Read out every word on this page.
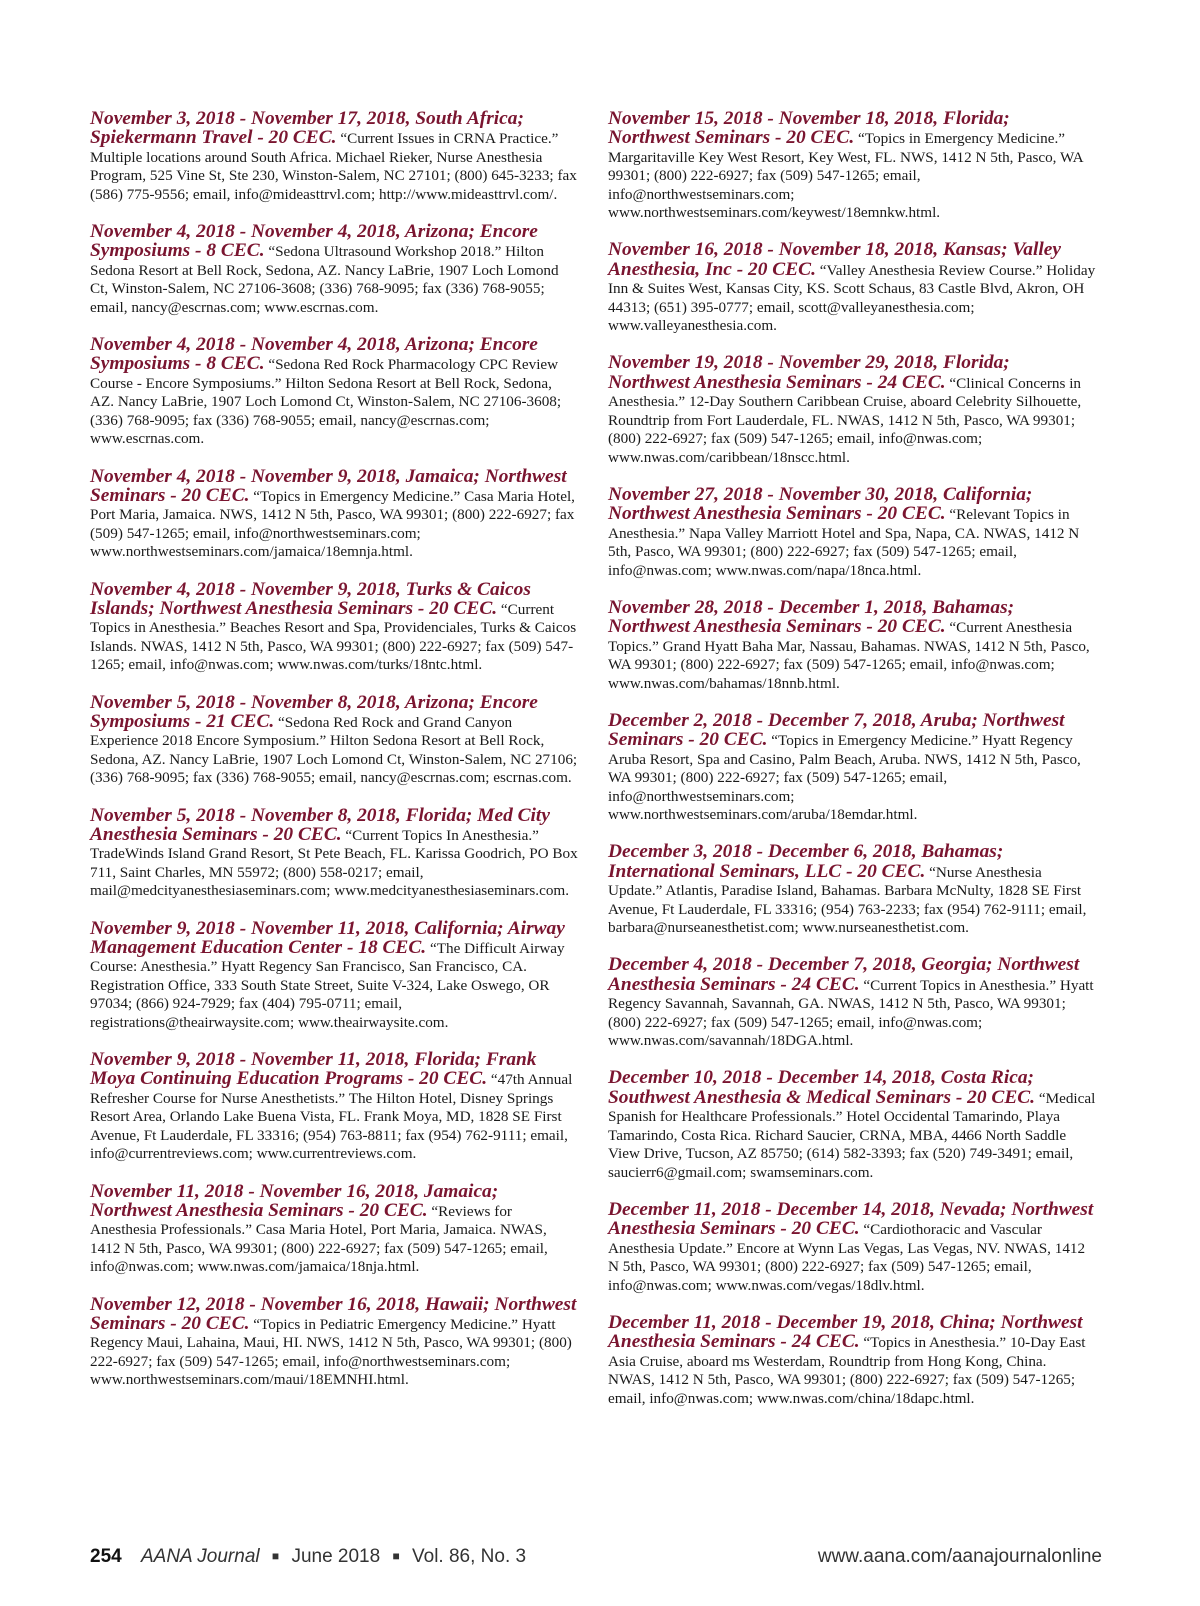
November 3, 2018 - November 17, 2018, South Africa; Spiekermann Travel - 20 CEC. “Current Issues in CRNA Practice.” Multiple locations around South Africa. Michael Rieker, Nurse Anesthesia Program, 525 Vine St, Ste 230, Winston-Salem, NC 27101; (800) 645-3233; fax (586) 775-9556; email, info@mideasttrvl.com; http://www.mideasttrvl.com/.

November 4, 2018 - November 4, 2018, Arizona; Encore Symposiums - 8 CEC. “Sedona Ultrasound Workshop 2018.” Hilton Sedona Resort at Bell Rock, Sedona, AZ. Nancy LaBrie, 1907 Loch Lomond Ct, Winston-Salem, NC 27106-3608; (336) 768-9095; fax (336) 768-9055; email, nancy@escrnas.com; www.escrnas.com.

November 4, 2018 - November 4, 2018, Arizona; Encore Symposiums - 8 CEC. “Sedona Red Rock Pharmacology CPC Review Course - Encore Symposiums.” Hilton Sedona Resort at Bell Rock, Sedona, AZ. Nancy LaBrie, 1907 Loch Lomond Ct, Winston-Salem, NC 27106-3608; (336) 768-9095; fax (336) 768-9055; email, nancy@escrnas.com; www.escrnas.com.

November 4, 2018 - November 9, 2018, Jamaica; Northwest Seminars - 20 CEC. “Topics in Emergency Medicine.” Casa Maria Hotel, Port Maria, Jamaica. NWS, 1412 N 5th, Pasco, WA 99301; (800) 222-6927; fax (509) 547-1265; email, info@northwestseminars.com; www.northwestseminars.com/jamaica/18emnja.html.

November 4, 2018 - November 9, 2018, Turks & Caicos Islands; Northwest Anesthesia Seminars - 20 CEC. “Current Topics in Anesthesia.” Beaches Resort and Spa, Providenciales, Turks & Caicos Islands. NWAS, 1412 N 5th, Pasco, WA 99301; (800) 222-6927; fax (509) 547-1265; email, info@nwas.com; www.nwas.com/turks/18ntc.html.

November 5, 2018 - November 8, 2018, Arizona; Encore Symposiums - 21 CEC. “Sedona Red Rock and Grand Canyon Experience 2018 Encore Symposium.” Hilton Sedona Resort at Bell Rock, Sedona, AZ. Nancy LaBrie, 1907 Loch Lomond Ct, Winston-Salem, NC 27106; (336) 768-9095; fax (336) 768-9055; email, nancy@escrnas.com; escrnas.com.

November 5, 2018 - November 8, 2018, Florida; Med City Anesthesia Seminars - 20 CEC. “Current Topics In Anesthesia.” TradeWinds Island Grand Resort, St Pete Beach, FL. Karissa Goodrich, PO Box 711, Saint Charles, MN 55972; (800) 558-0217; email, mail@medcityanesthesiaseminars.com; www.medcityanesthesiaseminars.com.

November 9, 2018 - November 11, 2018, California; Airway Management Education Center - 18 CEC. “The Difficult Airway Course: Anesthesia.” Hyatt Regency San Francisco, San Francisco, CA. Registration Office, 333 South State Street, Suite V-324, Lake Oswego, OR 97034; (866) 924-7929; fax (404) 795-0711; email, registrations@theairwaysite.com; www.theairwaysite.com.

November 9, 2018 - November 11, 2018, Florida; Frank Moya Continuing Education Programs - 20 CEC. “47th Annual Refresher Course for Nurse Anesthetists.” The Hilton Hotel, Disney Springs Resort Area, Orlando Lake Buena Vista, FL. Frank Moya, MD, 1828 SE First Avenue, Ft Lauderdale, FL 33316; (954) 763-8811; fax (954) 762-9111; email, info@currentreviews.com; www.currentreviews.com.

November 11, 2018 - November 16, 2018, Jamaica; Northwest Anesthesia Seminars - 20 CEC. “Reviews for Anesthesia Professionals.” Casa Maria Hotel, Port Maria, Jamaica. NWAS, 1412 N 5th, Pasco, WA 99301; (800) 222-6927; fax (509) 547-1265; email, info@nwas.com; www.nwas.com/jamaica/18nja.html.

November 12, 2018 - November 16, 2018, Hawaii; Northwest Seminars - 20 CEC. “Topics in Pediatric Emergency Medicine.” Hyatt Regency Maui, Lahaina, Maui, HI. NWS, 1412 N 5th, Pasco, WA 99301; (800) 222-6927; fax (509) 547-1265; email, info@northwestseminars.com; www.northwestseminars.com/maui/18EMNHI.html.

November 15, 2018 - November 18, 2018, Florida; Northwest Seminars - 20 CEC. “Topics in Emergency Medicine.” Margaritaville Key West Resort, Key West, FL. NWS, 1412 N 5th, Pasco, WA 99301; (800) 222-6927; fax (509) 547-1265; email, info@northwestseminars.com; www.northwestseminars.com/keywest/18emnkw.html.

November 16, 2018 - November 18, 2018, Kansas; Valley Anesthesia, Inc - 20 CEC. “Valley Anesthesia Review Course.” Holiday Inn & Suites West, Kansas City, KS. Scott Schaus, 83 Castle Blvd, Akron, OH 44313; (651) 395-0777; email, scott@valleyanesthesia.com; www.valleyanesthesia.com.

November 19, 2018 - November 29, 2018, Florida; Northwest Anesthesia Seminars - 24 CEC. “Clinical Concerns in Anesthesia.” 12-Day Southern Caribbean Cruise, aboard Celebrity Silhouette, Roundtrip from Fort Lauderdale, FL. NWAS, 1412 N 5th, Pasco, WA 99301; (800) 222-6927; fax (509) 547-1265; email, info@nwas.com; www.nwas.com/caribbean/18nscc.html.

November 27, 2018 - November 30, 2018, California; Northwest Anesthesia Seminars - 20 CEC. “Relevant Topics in Anesthesia.” Napa Valley Marriott Hotel and Spa, Napa, CA. NWAS, 1412 N 5th, Pasco, WA 99301; (800) 222-6927; fax (509) 547-1265; email, info@nwas.com; www.nwas.com/napa/18nca.html.

November 28, 2018 - December 1, 2018, Bahamas; Northwest Anesthesia Seminars - 20 CEC. “Current Anesthesia Topics.” Grand Hyatt Baha Mar, Nassau, Bahamas. NWAS, 1412 N 5th, Pasco, WA 99301; (800) 222-6927; fax (509) 547-1265; email, info@nwas.com; www.nwas.com/bahamas/18nnb.html.

December 2, 2018 - December 7, 2018, Aruba; Northwest Seminars - 20 CEC. “Topics in Emergency Medicine.” Hyatt Regency Aruba Resort, Spa and Casino, Palm Beach, Aruba. NWS, 1412 N 5th, Pasco, WA 99301; (800) 222-6927; fax (509) 547-1265; email, info@northwestseminars.com; www.northwestseminars.com/aruba/18emdar.html.

December 3, 2018 - December 6, 2018, Bahamas; International Seminars, LLC - 20 CEC. “Nurse Anesthesia Update.” Atlantis, Paradise Island, Bahamas. Barbara McNulty, 1828 SE First Avenue, Ft Lauderdale, FL 33316; (954) 763-2233; fax (954) 762-9111; email, barbara@nurseanesthetist.com; www.nurseanesthetist.com.

December 4, 2018 - December 7, 2018, Georgia; Northwest Anesthesia Seminars - 24 CEC. “Current Topics in Anesthesia.” Hyatt Regency Savannah, Savannah, GA. NWAS, 1412 N 5th, Pasco, WA 99301; (800) 222-6927; fax (509) 547-1265; email, info@nwas.com; www.nwas.com/savannah/18DGA.html.

December 10, 2018 - December 14, 2018, Costa Rica; Southwest Anesthesia & Medical Seminars - 20 CEC. “Medical Spanish for Healthcare Professionals.” Hotel Occidental Tamarindo, Playa Tamarindo, Costa Rica. Richard Saucier, CRNA, MBA, 4466 North Saddle View Drive, Tucson, AZ 85750; (614) 582-3393; fax (520) 749-3491; email, saucierr6@gmail.com; swamseminars.com.

December 11, 2018 - December 14, 2018, Nevada; Northwest Anesthesia Seminars - 20 CEC. “Cardiothoracic and Vascular Anesthesia Update.” Encore at Wynn Las Vegas, Las Vegas, NV. NWAS, 1412 N 5th, Pasco, WA 99301; (800) 222-6927; fax (509) 547-1265; email, info@nwas.com; www.nwas.com/vegas/18dlv.html.

December 11, 2018 - December 19, 2018, China; Northwest Anesthesia Seminars - 24 CEC. “Topics in Anesthesia.” 10-Day East Asia Cruise, aboard ms Westerdam, Roundtrip from Hong Kong, China. NWAS, 1412 N 5th, Pasco, WA 99301; (800) 222-6927; fax (509) 547-1265; email, info@nwas.com; www.nwas.com/china/18dapc.html.

254 AANA Journal ■ June 2018 ■ Vol. 86, No. 3	www.aana.com/aanajournalonline
